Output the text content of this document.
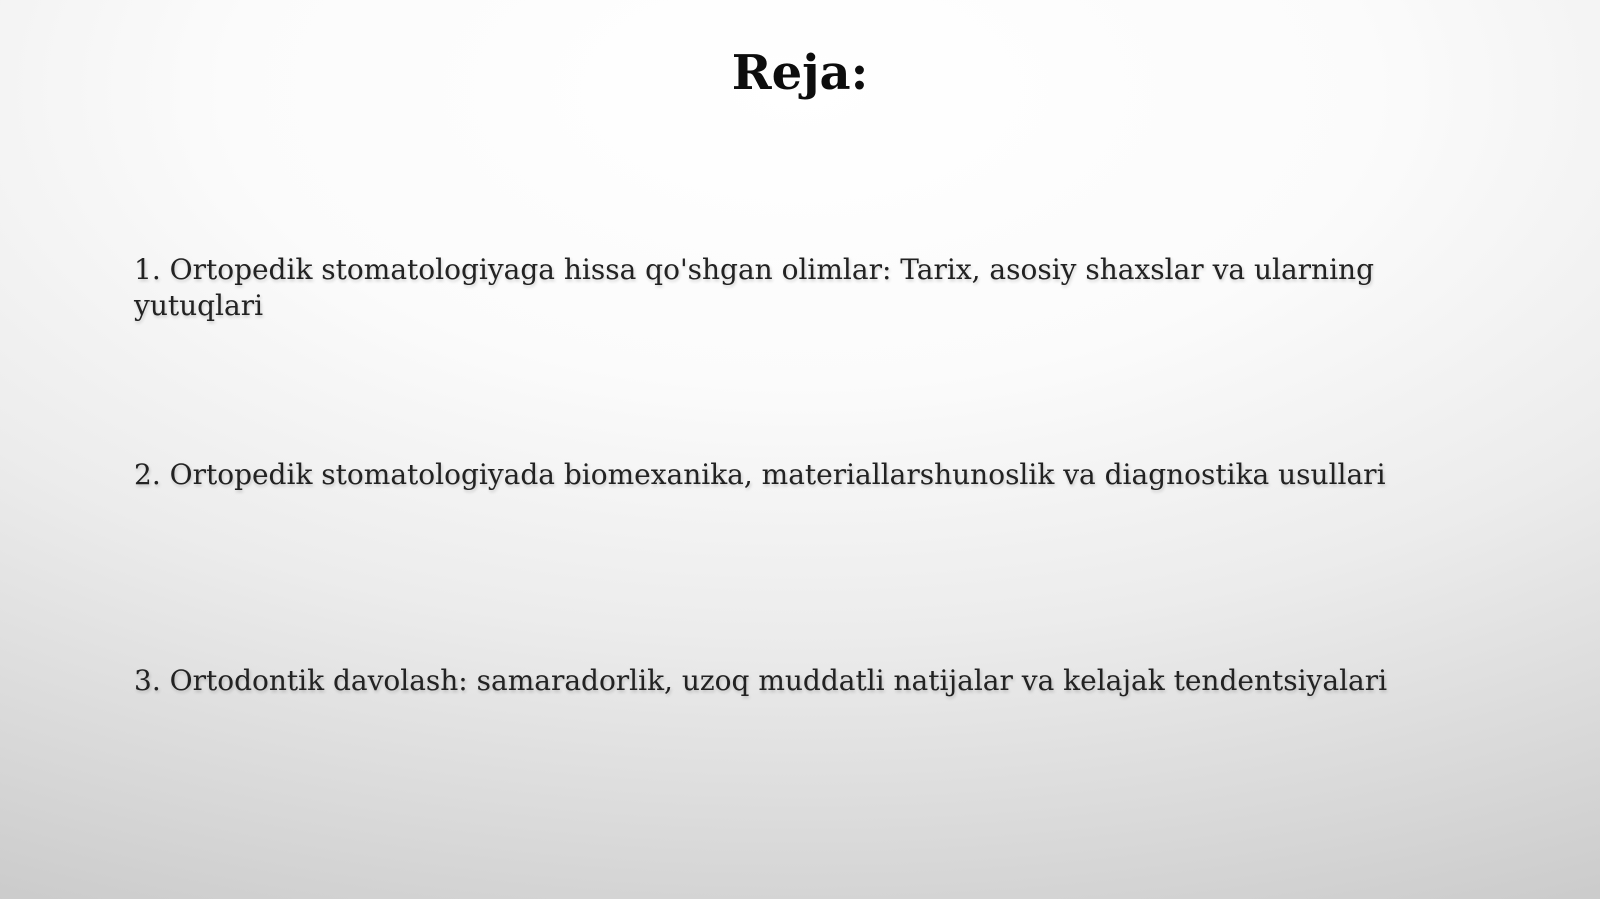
Reja:

1. Ortopedik stomatologiyaga hissa qo'shgan olimlar: Tarix, asosiy shaxslar va ularning yutuqlari

2. Ortopedik stomatologiyada biomexanika, materiallarshunoslik va diagnostika usullari

3. Ortodontik davolash: samaradorlik, uzoq muddatli natijalar va kelajak tendentsiyalari
